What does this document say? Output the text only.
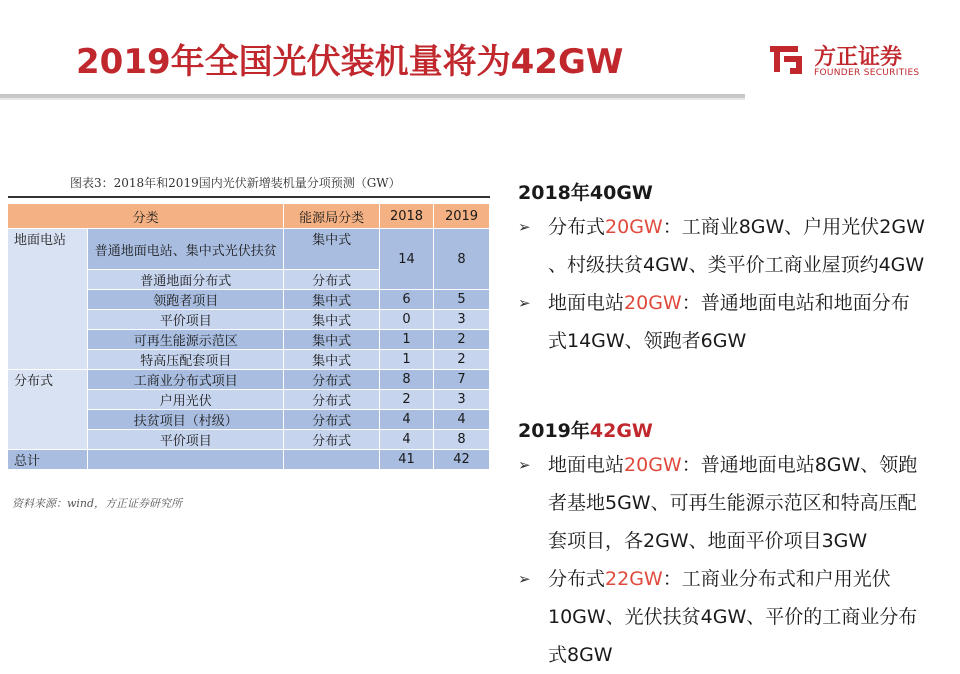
2019年全国光伏装机量将为42GW	方正证券
FOUNDER SECURITIES
图表3：2018年和2019国内光伏新增装机量分项预测（GW）
分类		能源局分类	2018	2019
地面电站	普通地面电站、集中式光伏扶贫	集中式	14	8
	普通地面分布式	分布式		
	领跑者项目	集中式	6	5
	平价项目	集中式	0	3
	可再生能源示范区	集中式	1	2
	特高压配套项目	集中式	1	2
分布式	工商业分布式项目	分布式	8	7
	户用光伏	分布式	2	3
	扶贫项目（村级）	分布式	4	4
	平价项目	分布式	4	8
总计			41	42
资料来源：wind，方正证券研究所
2018年40GW
➢ 分布式20GW：工商业8GW、户用光伏2GW
、村级扶贫4GW、类平价工商业屋顶约4GW
➢ 地面电站20GW：普通地面电站和地面分布
式14GW、领跑者6GW
2019年42GW
➢ 地面电站20GW：普通地面电站8GW、领跑
者基地5GW、可再生能源示范区和特高压配
套项目，各2GW、地面平价项目3GW
➢ 分布式22GW：工商业分布式和户用光伏
10GW、光伏扶贫4GW、平价的工商业分布
式8GW
